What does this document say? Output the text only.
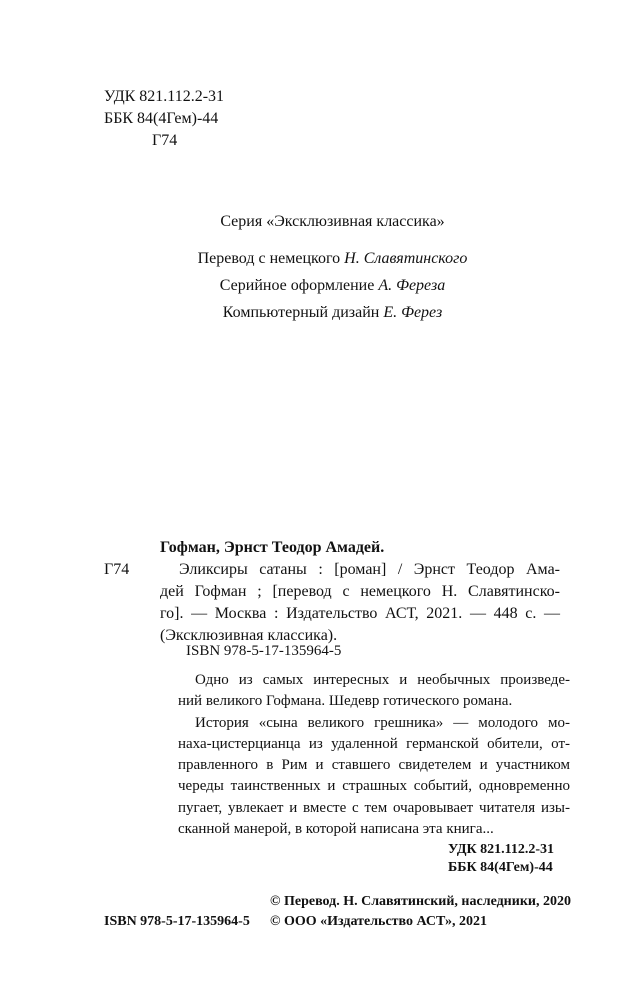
УДК 821.112.2-31
ББК 84(4Гем)-44
Г74
Серия «Эксклюзивная классика»
Перевод с немецкого Н. Славятинского
Серийное оформление А. Фереза
Компьютерный дизайн Е. Ферез
Гофман, Эрнст Теодор Амадей.
Г74	Эликсиры сатаны : [роман] / Эрнст Теодор Ама-
дей Гофман ; [перевод с немецкого Н. Славятинско-
го]. — Москва : Издательство АСТ, 2021. — 448 с. —
(Эксклюзивная классика).
ISBN 978-5-17-135964-5
Одно из самых интересных и необычных произведе-
ний великого Гофмана. Шедевр готического романа.
История «сына великого грешника» — молодого мо-
наха-цистерцианца из удаленной германской обители, от-
правленного в Рим и ставшего свидетелем и участником
череды таинственных и страшных событий, одновременно
пугает, увлекает и вместе с тем очаровывает читателя изы-
сканной манерой, в которой написана эта книга...
УДК 821.112.2-31
ББК 84(4Гем)-44
© Перевод. Н. Славятинский, наследники, 2020
ISBN 978-5-17-135964-5 © ООО «Издательство АСТ», 2021
